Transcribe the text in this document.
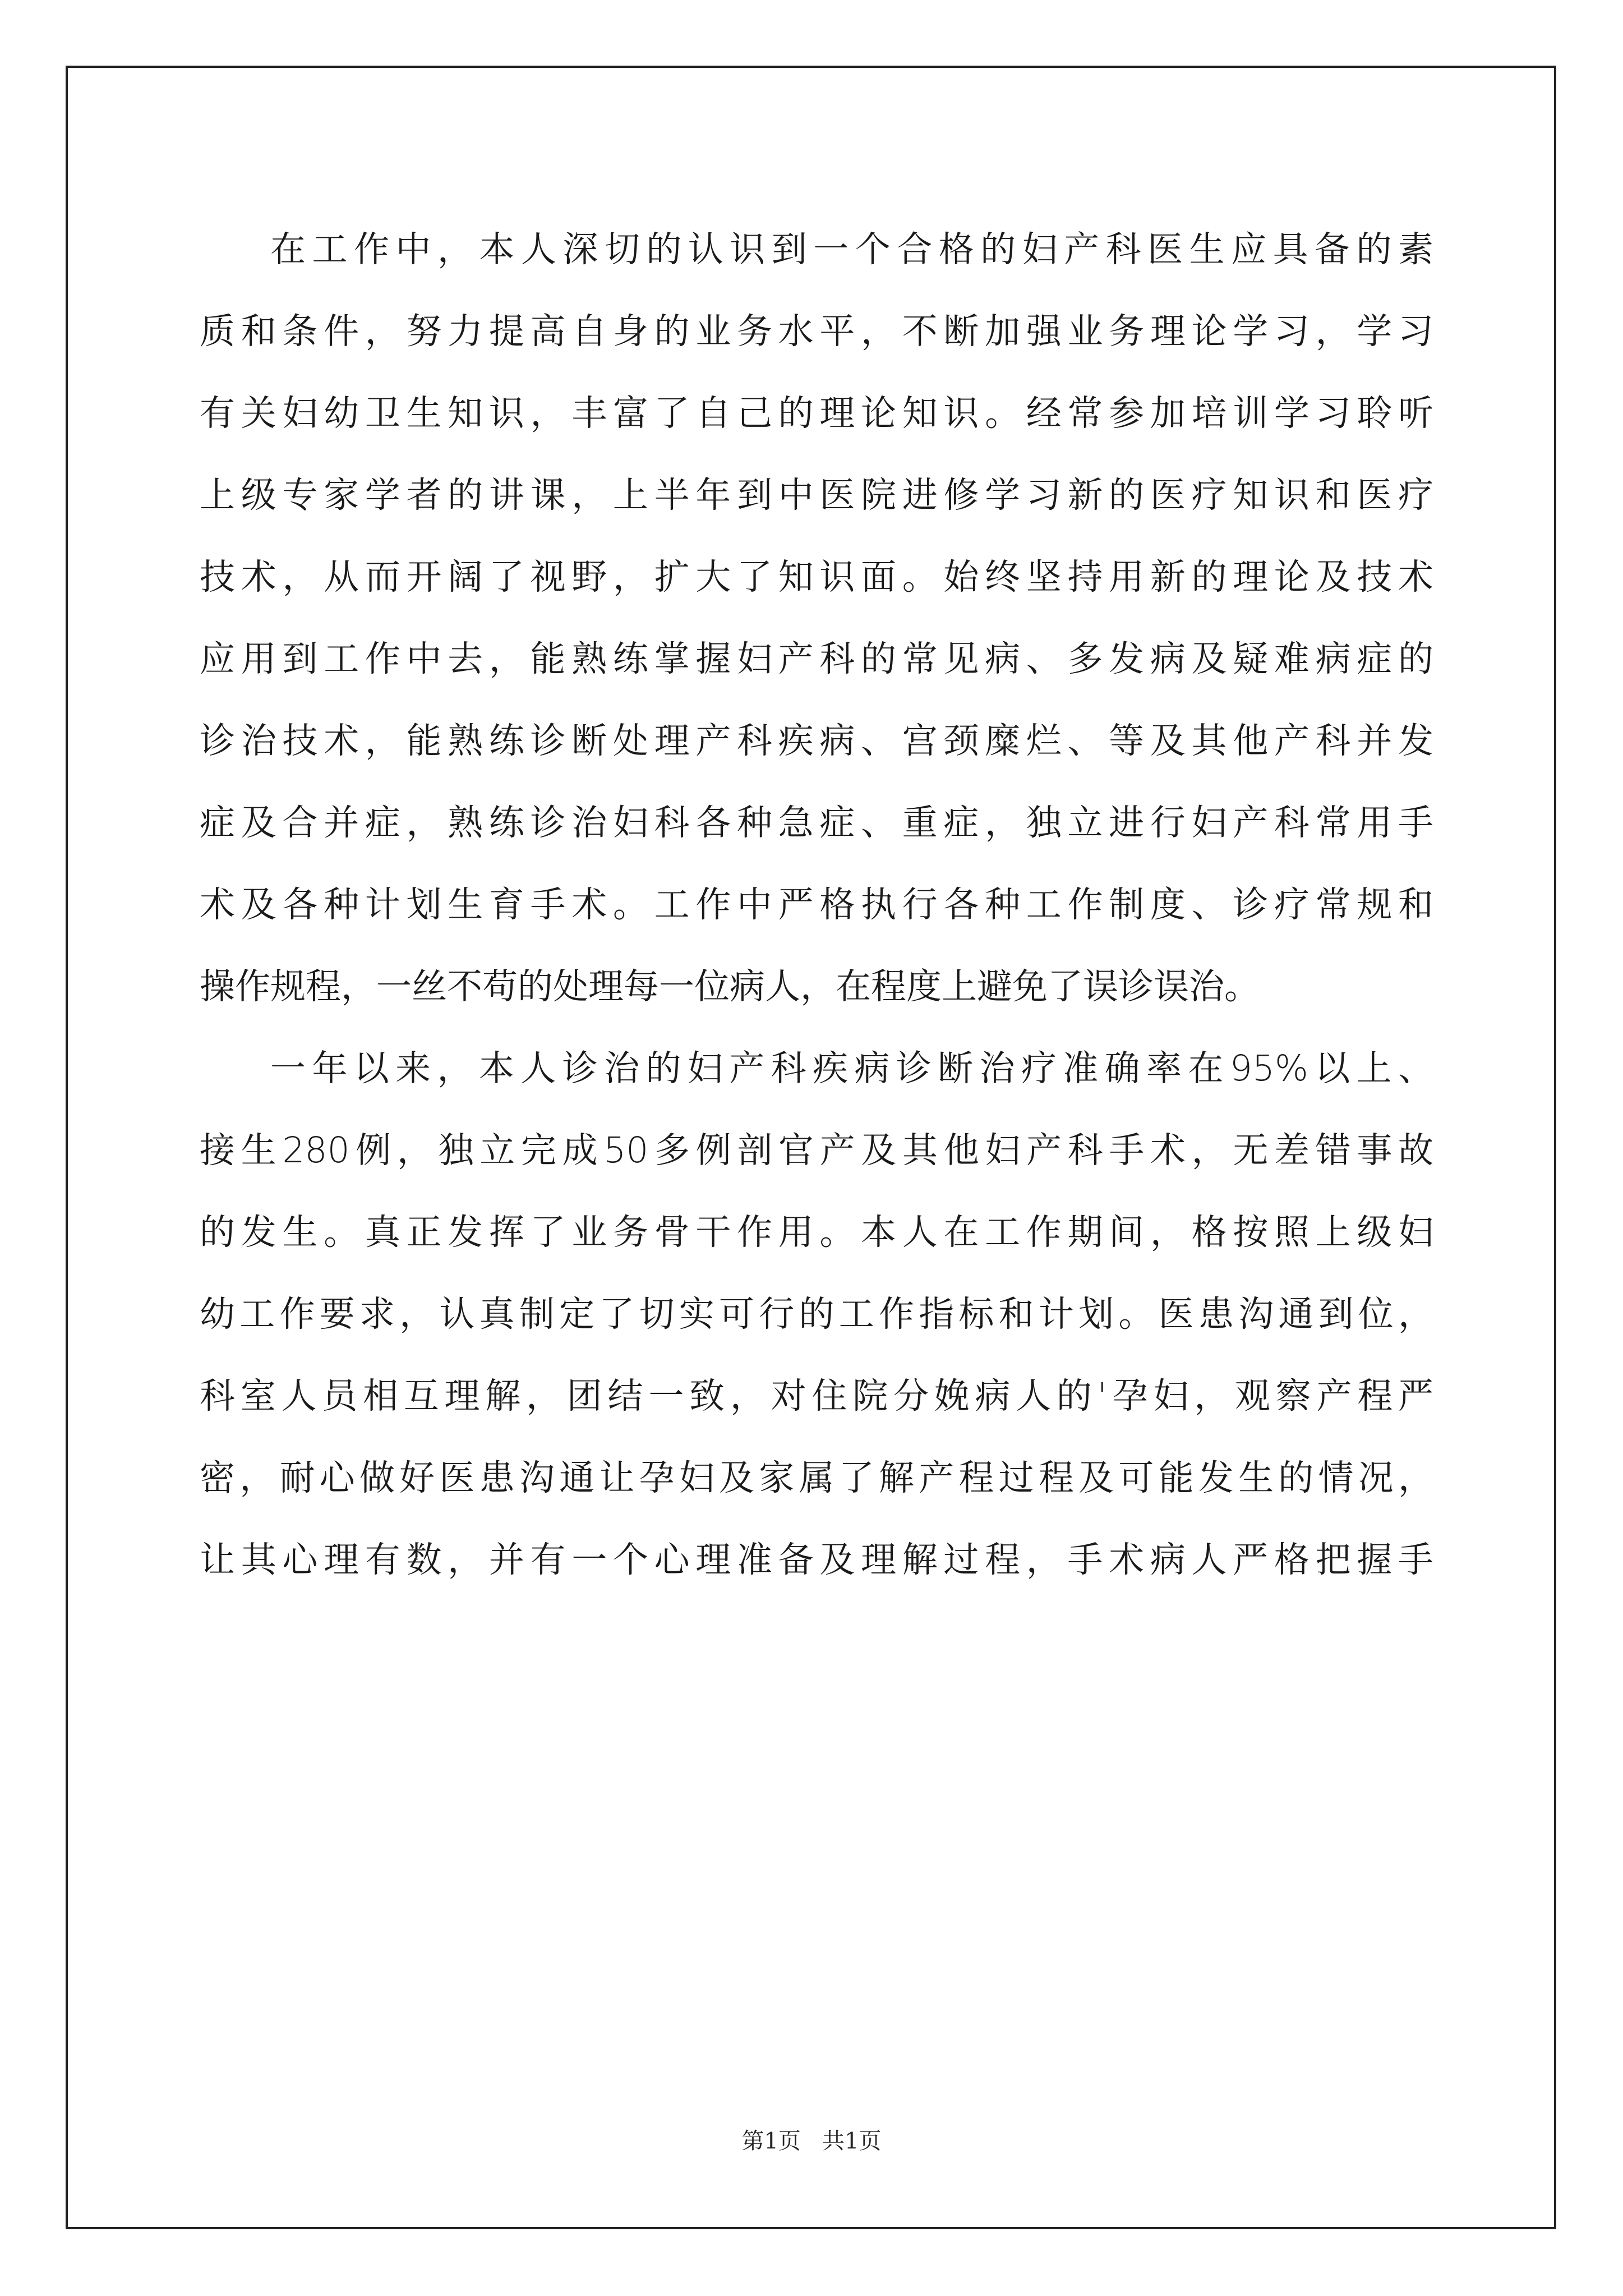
在工作中，本人深切的认识到一个合格的妇产科医生应具备的素
质和条件，努力提高自身的业务水平，不断加强业务理论学习，学习
有关妇幼卫生知识，丰富了自己的理论知识。经常参加培训学习聆听
上级专家学者的讲课，上半年到中医院进修学习新的医疗知识和医疗
技术，从而开阔了视野，扩大了知识面。始终坚持用新的理论及技术
应用到工作中去，能熟练掌握妇产科的常见病、多发病及疑难病症的
诊治技术，能熟练诊断处理产科疾病、宫颈糜烂、等及其他产科并发
症及合并症，熟练诊治妇科各种急症、重症，独立进行妇产科常用手
术及各种计划生育手术。工作中严格执行各种工作制度、诊疗常规和
操作规程，一丝不苟的处理每一位病人，在程度上避免了误诊误治。
一年以来，本人诊治的妇产科疾病诊断治疗准确率在95%以上、
接生280例，独立完成50多例剖官产及其他妇产科手术，无差错事故
的发生。真正发挥了业务骨干作用。本人在工作期间，格按照上级妇
幼工作要求，认真制定了切实可行的工作指标和计划。医患沟通到位，
科室人员相互理解，团结一致，对住院分娩病人的'孕妇，观察产程严
密，耐心做好医患沟通让孕妇及家属了解产程过程及可能发生的情况，
让其心理有数，并有一个心理准备及理解过程，手术病人严格把握手
第1页   共1页
